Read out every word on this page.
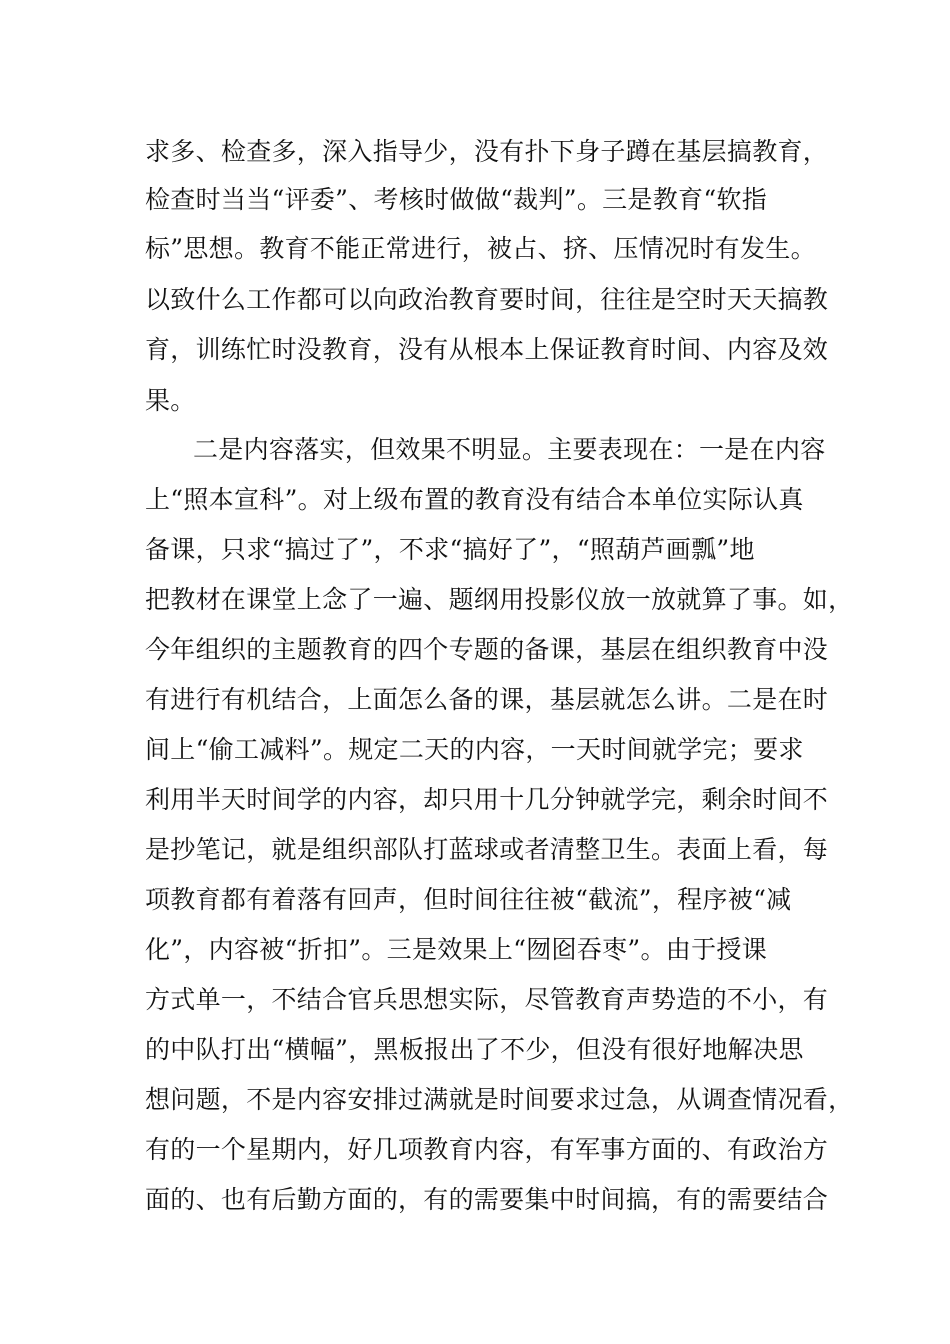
求多、检查多，深入指导少，没有扑下身子蹲在基层搞教育，
检查时当当“评委”、考核时做做“裁判”。三是教育“软指
标”思想。教育不能正常进行，被占、挤、压情况时有发生。
以致什么工作都可以向政治教育要时间，往往是空时天天搞教
育，训练忙时没教育，没有从根本上保证教育时间、内容及效
果。
二是内容落实，但效果不明显。主要表现在：一是在内容
上“照本宣科”。对上级布置的教育没有结合本单位实际认真
备课，只求“搞过了”，不求“搞好了”，“照葫芦画瓢”地
把教材在课堂上念了一遍、题纲用投影仪放一放就算了事。如，
今年组织的主题教育的四个专题的备课，基层在组织教育中没
有进行有机结合，上面怎么备的课，基层就怎么讲。二是在时
间上“偷工减料”。规定二天的内容，一天时间就学完；要求
利用半天时间学的内容，却只用十几分钟就学完，剩余时间不
是抄笔记，就是组织部队打蓝球或者清整卫生。表面上看，每
项教育都有着落有回声，但时间往往被“截流”，程序被“减
化”，内容被“折扣”。三是效果上“囫囵吞枣”。由于授课
方式单一，不结合官兵思想实际，尽管教育声势造的不小，有
的中队打出“横幅”，黑板报出了不少，但没有很好地解决思
想问题，不是内容安排过满就是时间要求过急，从调查情况看，
有的一个星期内，好几项教育内容，有军事方面的、有政治方
面的、也有后勤方面的，有的需要集中时间搞，有的需要结合
